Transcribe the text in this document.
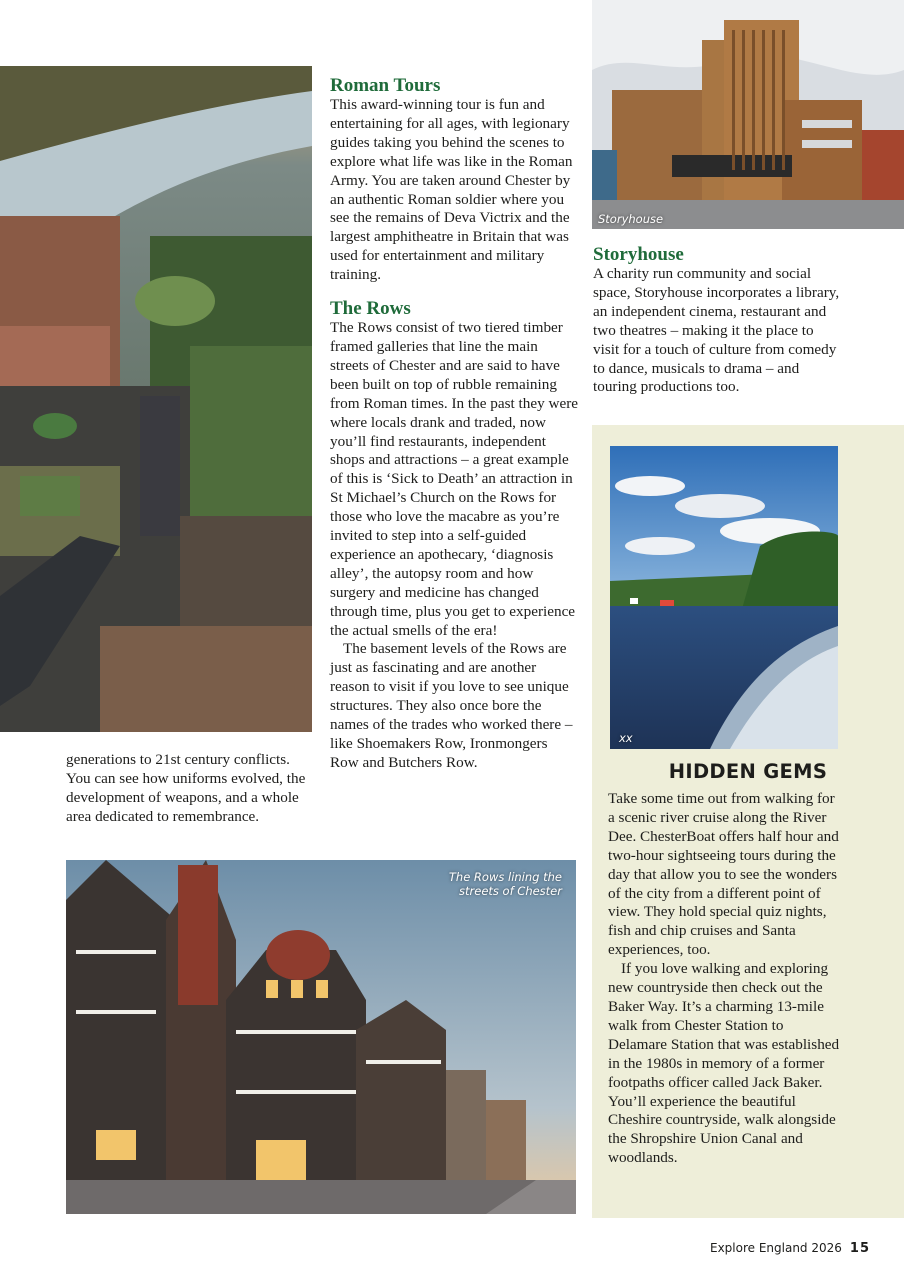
Storyhouse
Roman Tours

This award-winning tour is fun and entertaining for all ages, with legionary guides taking you behind the scenes to explore what life was like in the Roman Army. You are taken around Chester by an authentic Roman soldier where you see the remains of Deva Victrix and the largest amphitheatre in Britain that was used for entertainment and military training.

The Rows

The Rows consist of two tiered timber framed galleries that line the main streets of Chester and are said to have been built on top of rubble remaining from Roman times. In the past they were where locals drank and traded, now you’ll find restaurants, independent shops and attractions – a great example of this is ‘Sick to Death’ an attraction in St Michael’s Church on the Rows for those who love the macabre as you’re invited to step into a self-guided experience an apothecary, ‘diagnosis alley’, the autopsy room and how surgery and medicine has changed through time, plus you get to experience the actual smells of the era!

The basement levels of the Rows are just as fascinating and are another reason to visit if you love to see unique structures. They also once bore the names of the trades who worked there – like Shoemakers Row, Ironmongers Row and Butchers Row.

generations to 21st century conflicts. You can see how uniforms evolved, the development of weapons, and a whole area dedicated to remembrance.

Storyhouse

A charity run community and social space, Storyhouse incorporates a library, an independent cinema, restaurant and two theatres – making it the place to visit for a touch of culture from comedy to dance, musicals to drama – and touring productions too.

xx
HIDDEN GEMS

Take some time out from walking for a scenic river cruise along the River Dee. ChesterBoat offers half hour and two-hour sightseeing tours during the day that allow you to see the wonders of the city from a different point of view. They hold special quiz nights, fish and chip cruises and Santa experiences, too.

If you love walking and exploring new countryside then check out the Baker Way. It’s a charming 13-mile walk from Chester Station to Delamare Station that was established in the 1980s in memory of a former footpaths officer called Jack Baker. You’ll experience the beautiful Cheshire countryside, walk alongside the Shropshire Union Canal and woodlands.

The Rows lining the
streets of Chester
Explore England 2026 15
